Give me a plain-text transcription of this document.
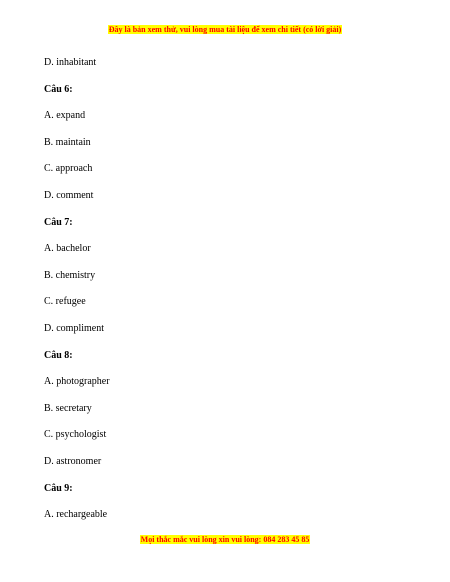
Đây là bản xem thử, vui lòng mua tài liệu để xem chi tiết (có lời giải)
D. inhabitant
Câu 6:
A. expand
B. maintain
C. approach
D. comment
Câu 7:
A. bachelor
B. chemistry
C. refugee
D. compliment
Câu 8:
A. photographer
B. secretary
C. psychologist
D. astronomer
Câu 9:
A. rechargeable
Mọi thắc mắc vui lòng xin vui lòng: 084 283 45 85
